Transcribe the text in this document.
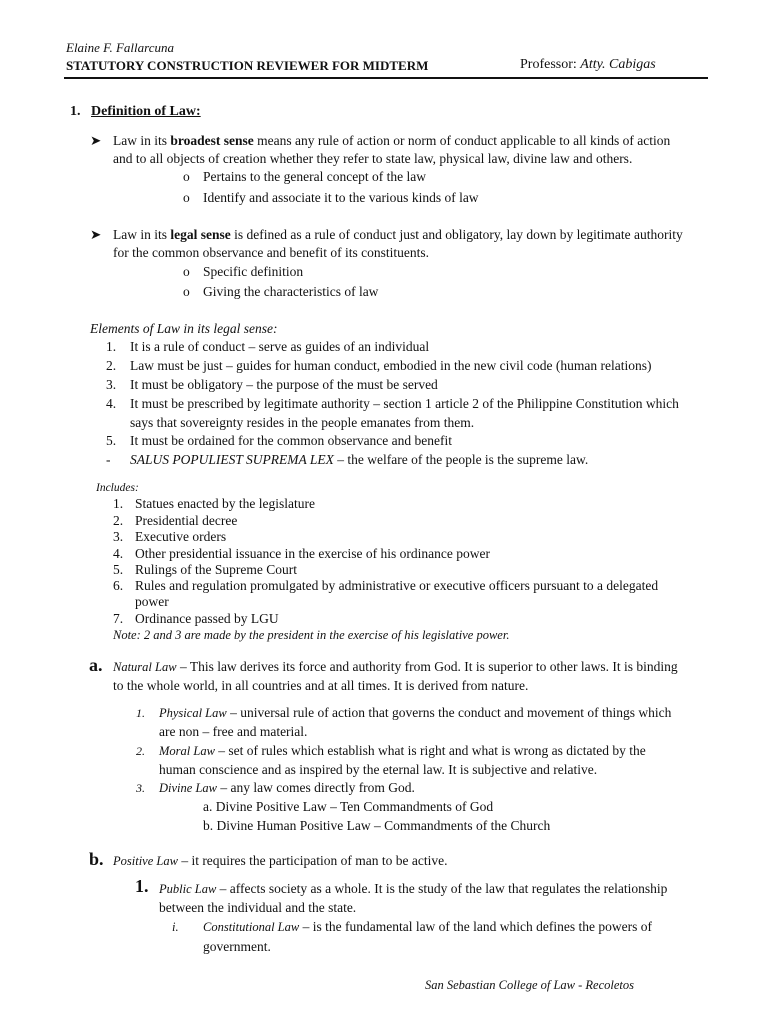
Elaine F. Fallarcuna
STATUTORY CONSTRUCTION REVIEWER FOR MIDTERM	Professor: Atty. Cabigas
1. Definition of Law:
➤ Law in its broadest sense means any rule of action or norm of conduct applicable to all kinds of action
and to all objects of creation whether they refer to state law, physical law, divine law and others.
o Pertains to the general concept of the law
o Identify and associate it to the various kinds of law
➤ Law in its legal sense is defined as a rule of conduct just and obligatory, lay down by legitimate authority
for the common observance and benefit of its constituents.
o Specific definition
o Giving the characteristics of law
Elements of Law in its legal sense:
1. It is a rule of conduct – serve as guides of an individual
2. Law must be just – guides for human conduct, embodied in the new civil code (human relations)
3. It must be obligatory – the purpose of the must be served
4. It must be prescribed by legitimate authority – section 1 article 2 of the Philippine Constitution which
says that sovereignty resides in the people emanates from them.
5. It must be ordained for the common observance and benefit
- SALUS POPULIEST SUPREMA LEX – the welfare of the people is the supreme law.
Includes:
1. Statues enacted by the legislature
2. Presidential decree
3. Executive orders
4. Other presidential issuance in the exercise of his ordinance power
5. Rulings of the Supreme Court
6. Rules and regulation promulgated by administrative or executive officers pursuant to a delegated
power
7. Ordinance passed by LGU
Note: 2 and 3 are made by the president in the exercise of his legislative power.
a. Natural Law – This law derives its force and authority from God. It is superior to other laws. It is binding
to the whole world, in all countries and at all times. It is derived from nature.
1. Physical Law – universal rule of action that governs the conduct and movement of things which
are non – free and material.
2. Moral Law – set of rules which establish what is right and what is wrong as dictated by the
human conscience and as inspired by the eternal law. It is subjective and relative.
3. Divine Law – any law comes directly from God.
a. Divine Positive Law – Ten Commandments of God
b. Divine Human Positive Law – Commandments of the Church
b. Positive Law – it requires the participation of man to be active.
1. Public Law – affects society as a whole. It is the study of the law that regulates the relationship
between the individual and the state.
i. Constitutional Law – is the fundamental law of the land which defines the powers of
government.
San Sebastian College of Law - Recoletos
